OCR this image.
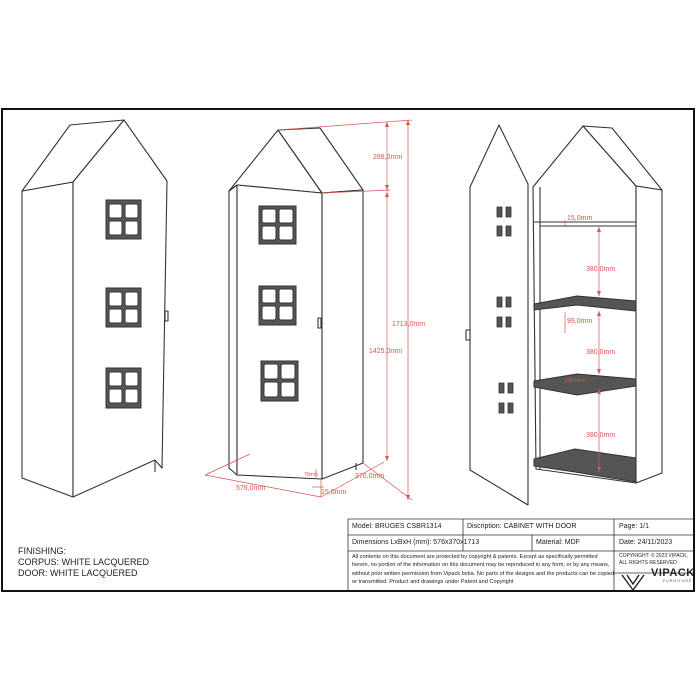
288,0mm
1713,0mm
1425,0mm
370,0mm
576,0mm
70mm
15,0mm
15,0mm
380,0mm
99,0mm
380,0mm
200,0mm
380,0mm
FINISHING:
CORPUS: WHITE LACQUERED
DOOR: WHITE LACQUERED
Model: BRUGES CSBR1314	Discription: CABINET WITH DOOR	Page: 1/1
Dimensions LxBxH (mm): 576x370x1713	Material: MDF	Date: 24/11/2023
All contents on this document are protected by copyright & patents. Except as specifically permitted herein, no portion of the information on this document may be reproduced in any form, or by any means, without prior written permission from Vipack bvba. No parts of the designs and the products can be copied or transmitted. Product and drawings under Patent and Copyright
COPYRIGHT: © 2023 VIPACK,
ALL RIGHTS RESERVED
VIPACK
FURNITURE
